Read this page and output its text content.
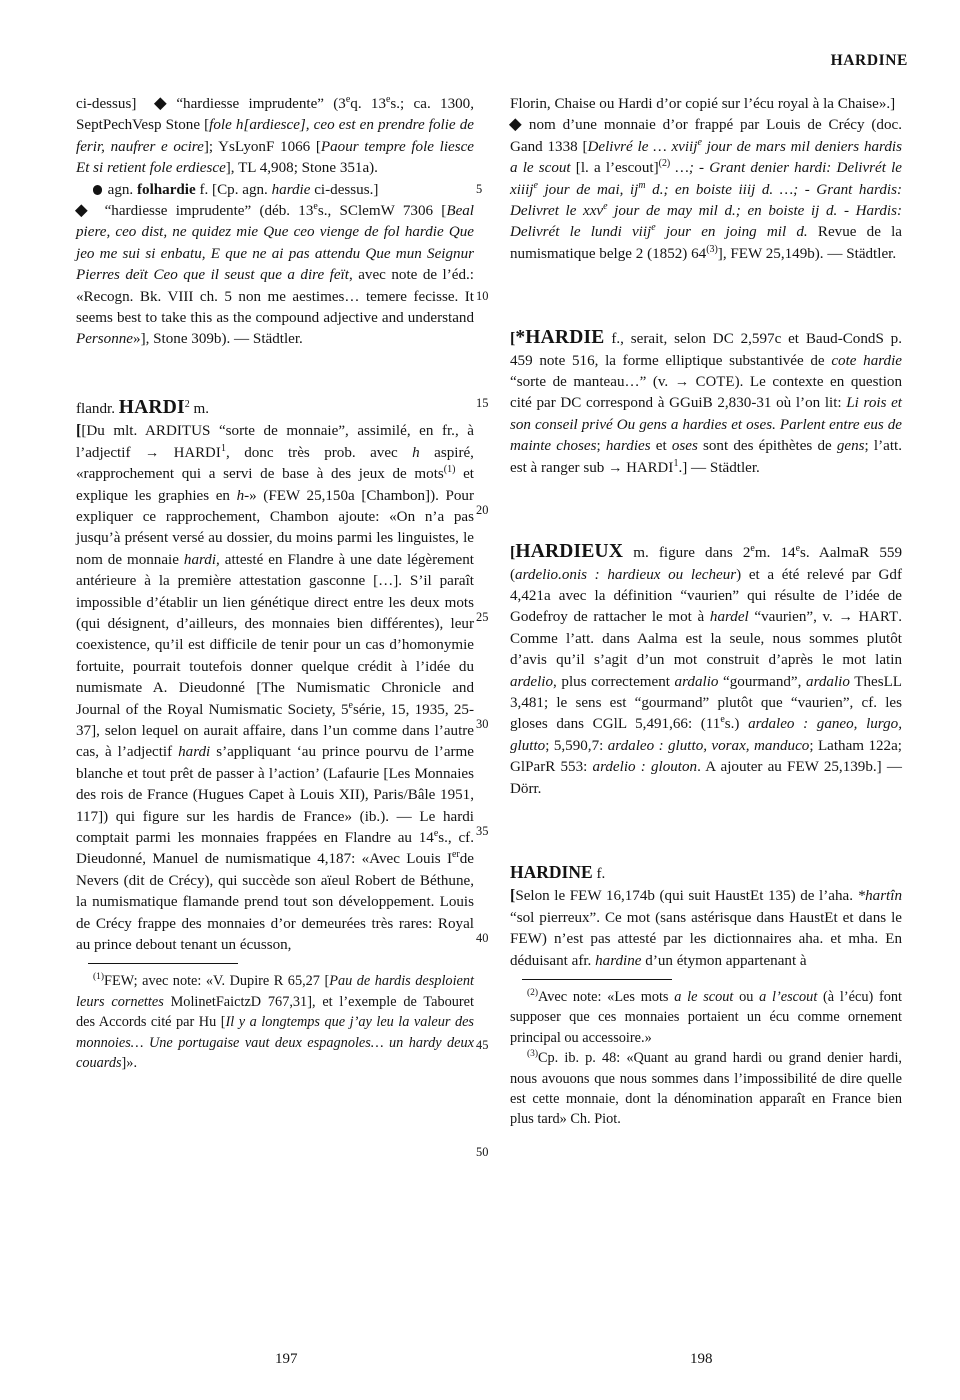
HARDINE

ci-dessus]	“hardiesse imprudente” (3eq. 13es.; ca. 1300, SeptPechVesp Stone [fole h[ardiesce], ceo est en prendre folie de ferir, naufrer e ocire]; YsLyonF 1066 [Paour tempre fole liesce Et si retient fole erdiesce], TL 4,908; Stone 351a).

agn. folhardie f. [Cp. agn. hardie ci-dessus.]

“hardiesse imprudente” (déb. 13es., SClemW 7306 [Beal piere, ceo dist, ne quidez mie Que ceo vienge de fol hardie Que jeo me sui si enbatu, E que ne ai pas attendu Que mun Seignur Pierres deït Ceo que il seust que a dire feït, avec note de l’éd.: «Recogn. Bk. VIII ch. 5 non me aestimes… temere fecisse. It seems best to take this as the compound adjective and understand Personne»], Stone 309b). — Städtler.

flandr. HARDI$^2$ m.

[[Du mlt. ARDITUS “sorte de monnaie”, assimilé, en fr., à l’adjectif → $HARDI^1$, donc très prob. avec h aspiré, «rapprochement qui a servi de base à des jeux de mots$^{(1)}$ et explique les graphies en h-» (FEW 25,150a [Chambon]). Pour expliquer ce rapprochement, Chambon ajoute: «On n’a pas jusqu’à présent versé au dossier, du moins parmi les linguistes, le nom de monnaie hardi, attesté en Flandre à une date légèrement antérieure à la première attestation gasconne […]. S’il paraît impossible d’établir un lien génétique direct entre les deux mots (qui désignent, d’ailleurs, des monnaies bien différentes), leur coexistence, qu’il est difficile de tenir pour un cas d’homonymie fortuite, pourrait toutefois donner quelque crédit à l’idée du numismate A. Dieudonné [The Numismatic Chronicle and Journal of the Royal Numismatic Society, 5esérie, 15, 1935, 25-37], selon lequel on aurait affaire, dans l’un comme dans l’autre cas, à l’adjectif hardi s’appliquant ‘au prince pourvu de l’arme blanche et tout prêt de passer à l’action’ (Lafaurie [Les Monnaies des rois de France (Hugues Capet à Louis XII), Paris/Bâle 1951, 117]) qui figure sur les hardis de France» (ib.). — Le hardi comptait parmi les monnaies frappées en Flandre au 14es., cf. Dieudonné, Manuel de numismatique 4,187: «Avec Louis Ierde Nevers (dit de Crécy), qui succède son aïeul Robert de Béthune, la numismatique flamande prend tout son développement. Louis de Crécy frappe des monnaies d’or demeurées très rares: Royal au prince debout tenant un écusson,

$^{(1)}$FEW; avec note: «V. Dupire R 65,27 [Pau de hardis desploient leurs cornettes MolinetFaictzD 767,31], et l’exemple de Tabouret des Accords cité par Hu [Il y a longtemps que j’ay leu la valeur des monnoies… Une portugaise vaut deux espagnoles… un hardy deux couards]».

5
10
15
20
25
30
35
40
45
50

Florin, Chaise ou Hardi d’or copié sur l’écu royal à la Chaise».]

nom d’une monnaie d’or frappé par Louis de Crécy (doc. Gand 1338 [Delivré le … xviij$^e$ jour de mars mil deniers hardis a le scout [l. a l’escout]$^{(2)}$ …; - Grant denier hardi: Delivrét le xiiij$^e$ jour de mai, $ij^m$ d.; en boiste iiij d. …; - Grant hardis: Delivret le xxv$^e$ jour de may mil d.; en boiste ij d. - Hardis: Delivrét le lundi viij$^e$ jour en joing mil d. Revue de la numismatique belge 2 (1852) 64$^{(3)}$], FEW 25,149b). — Städtler.

[*HARDIE f., serait, selon DC 2,597c et Baud-CondS p. 459 note 516, la forme elliptique substantivée de cote hardie “sorte de manteau…” (v. → COTE). Le contexte en question cité par DC correspond à GGuiB 2,830-31 où l’on lit: Li rois et son conseil privé Ou gens a hardies et oses. Parlent entre eus de mainte choses; hardies et oses sont des épithètes de gens; l’att. est à ranger sub → $HARDI^1$.] — Städtler.

[HARDIEUX m. figure dans 2em. 14es. AalmaR 559 (ardelio.onis : hardieux ou lecheur) et a été relevé par Gdf 4,421a avec la définition “vaurien” qui résulte de l’idée de Godefroy de rattacher le mot à hardel “vaurien”, v. → HART. Comme l’att. dans Aalma est la seule, nous sommes plutôt d’avis qu’il s’agit d’un mot construit d’après le mot latin ardelio, plus correctement ardalio “gourmand”, ardalio ThesLL 3,481; le sens est “gourmand” plutôt que “vaurien”, cf. les gloses dans CGlL 5,491,66: (11es.) ardaleo : ganeo, lurgo, glutto; 5,590,7: ardaleo : glutto, vorax, manduco; Latham 122a; GlParR 553: ardelio : glouton. A ajouter au FEW 25,139b.] — Dörr.

HARDINE f.

[Selon le FEW 16,174b (qui suit HaustEt 135) de l’aha. *hartîn “sol pierreux”. Ce mot (sans astérisque dans HaustEt et dans le FEW) n’est pas attesté par les dictionnaires aha. et mha. En déduisant afr. hardine d’un étymon appartenant à

$^{(2)}$Avec note: «Les mots a le scout ou a l’escout (à l’écu) font supposer que ces monnaies portaient un écu comme ornement principal ou accessoire.»

$^{(3)}$Cp. ib. p. 48: «Quant au grand hardi ou grand denier hardi, nous avouons que nous sommes dans l’impossibilité de dire quelle est cette monnaie, dont la dénomination apparaît en France bien plus tard» Ch. Piot.

197	198
